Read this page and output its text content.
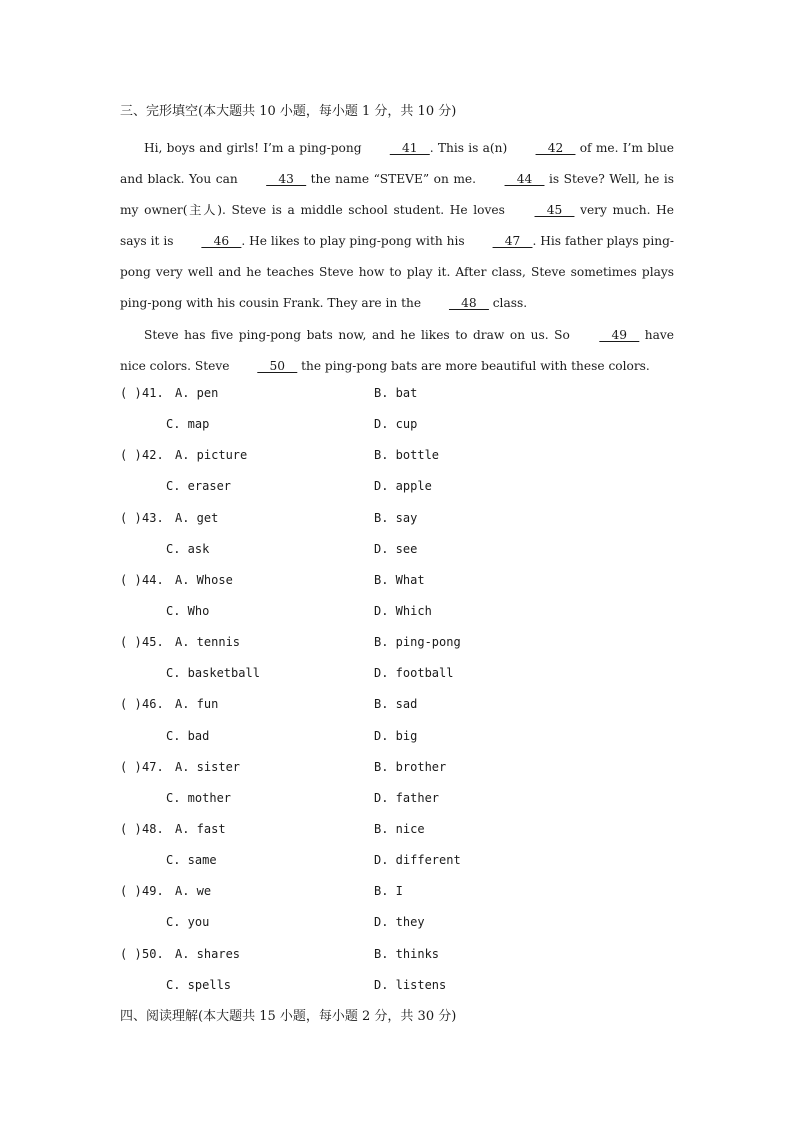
三、完形填空(本大题共 10 小题，每小题 1 分，共 10 分)

Hi, boys and girls! I’m a ping-pong __41__. This is a(n) __42__ of me. I’m blue and black. You can __43__ the name “STEVE” on me. __44__ is Steve? Well, he is my owner(主人). Steve is a middle school student. He loves __45__ very much. He says it is __46__. He likes to play ping-pong with his __47__. His father plays ping-pong very well and he teaches Steve how to play it. After class, Steve sometimes plays ping-pong with his cousin Frank. They are in the __48__ class.

Steve has five ping-pong bats now, and he likes to draw on us. So __49__ have nice colors. Steve __50__ the ping-pong bats are more beautiful with these colors.

( ) 41. A. pen	B. bat
C. map	D. cup
( ) 42. A. picture	B. bottle
C. eraser	D. apple
( ) 43. A. get	B. say
C. ask	D. see
( ) 44. A. Whose	B. What
C. Who	D. Which
( ) 45. A. tennis	B. ping-pong
C. basketball	D. football
( ) 46. A. fun	B. sad
C. bad	D. big
( ) 47. A. sister	B. brother
C. mother	D. father
( ) 48. A. fast	B. nice
C. same	D. different
( ) 49. A. we	B. I
C. you	D. they
( ) 50. A. shares	B. thinks
C. spells	D. listens
四、阅读理解(本大题共 15 小题，每小题 2 分，共 30 分)
